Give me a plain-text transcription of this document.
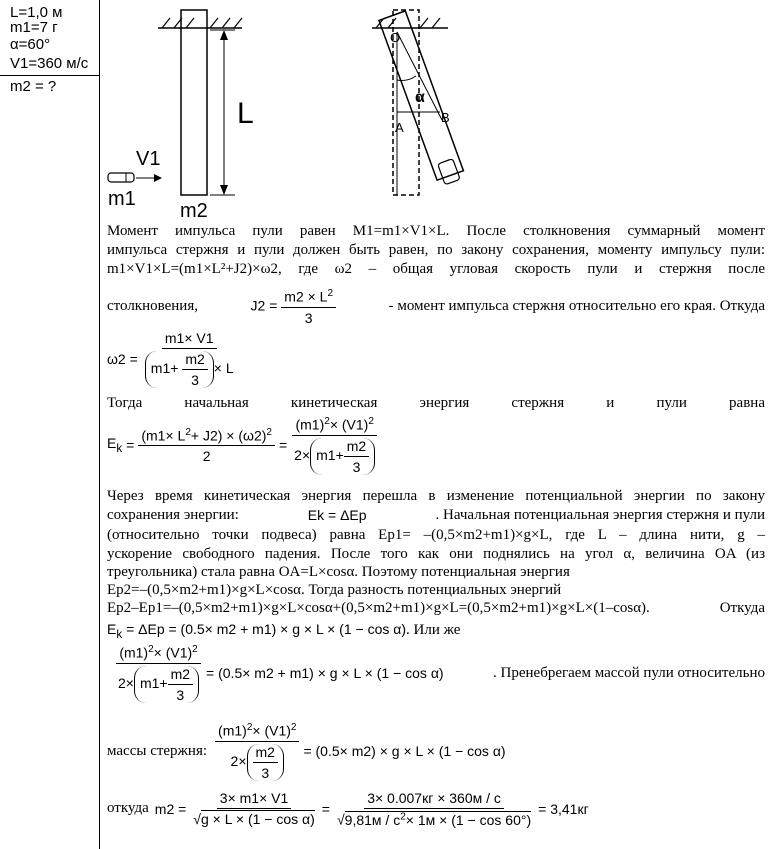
L=1,0 м
m1=7 г
α=60°
V1=360 м/с
m2 = ?
L
V1
m1
m2
O
α
A
B
Момент импульса пули равен M1=m1×V1×L. После столкновения суммарный момент
импульса стержня и пули должен быть равен, по закону сохранения, моменту импульсу пули:
m1×V1×L=(m1×L²+J2)×ω2, где ω2 – общая угловая скорость пули и стержня после
столкновения,	$J2 = \frac{m2 \times L^2}{3}$	- момент импульса стержня относительно его края. Откуда
$\omega 2 = \frac{m1\times V1}{m1+ \frac{m2}{3} \times L}$
Тогда начальная кинетическая энергия стержня и пули равна
$E_k = \frac{(m1\times L^2+ J2) \times (\omega 2)^2}{2} = \frac{(m1)^2\times (V1)^2}{2\times m1+ \frac{m2}{3}}$
Через время кинетическая энергия перешла в изменение потенциальной энергии по закону
сохранения энергии:	Ek = ΔEp	. Начальная потенциальная энергия стержня и пули
(относительно точки подвеса) равна Ep1= –(0,5×m2+m1)×g×L, где L – длина нити, g –
ускорение свободного падения. После того как они поднялись на угол α, величина OA (из
треугольника) стала равна OA=L×cosα. Поэтому потенциальная энергия
Ep2=–(0,5×m2+m1)×g×L×cosα. Тогда разность потенциальных энергий
Ep2–Ep1=–(0,5×m2+m1)×g×L×cosα+(0,5×m2+m1)×g×L=(0,5×m2+m1)×g×L×(1–cosα).	Откуда
$E_k = \Delta Ep = (0.5\times m2 + m1) \times g \times L \times (1 - \cos \alpha)$. Или же
$\frac{(m1)^2\times (V1)^2}{2\times m1+ \frac{m2}{3}} = (0.5\times m2 + m1) \times g \times L \times (1 - \cos \alpha)$	. Пренебрегаем массой пули относительно
массы стержня: $\frac{(m1)^2\times (V1)^2}{2\times \frac{m2}{3}} = (0.5\times m2) \times g \times L \times (1 - \cos \alpha)$
откуда $m2 = \frac{3\times m1\times V1}{\text{√g × L × (1 − cos α)}} = \frac{3\times 0.007кг \times 360м / с}{√9,81м / с^2\times 1м \times (1 - \cos 60^\circ)} = 3,41кг$
